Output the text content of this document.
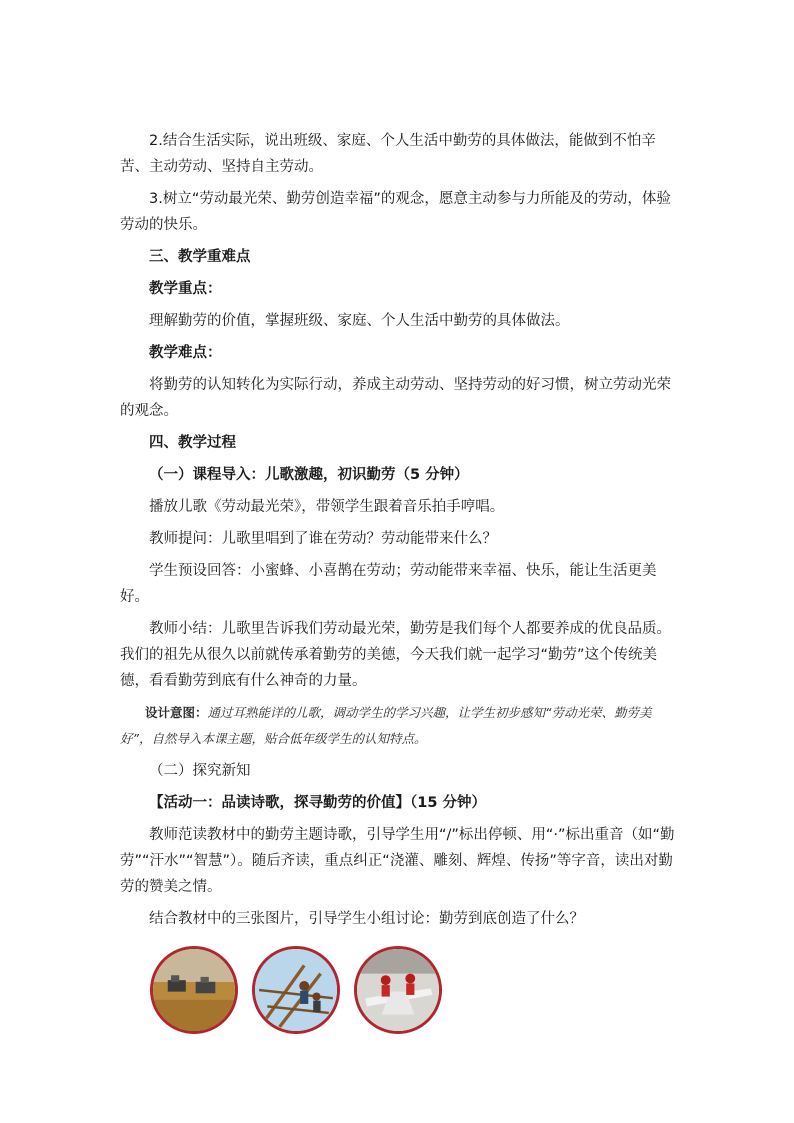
2.结合生活实际，说出班级、家庭、个人生活中勤劳的具体做法，能做到不怕辛苦、主动劳动、坚持自主劳动。

3.树立“劳动最光荣、勤劳创造幸福”的观念，愿意主动参与力所能及的劳动，体验劳动的快乐。

三、教学重难点

教学重点：

理解勤劳的价值，掌握班级、家庭、个人生活中勤劳的具体做法。

教学难点：

将勤劳的认知转化为实际行动，养成主动劳动、坚持劳动的好习惯，树立劳动光荣的观念。

四、教学过程

（一）课程导入：儿歌激趣，初识勤劳（5 分钟）

播放儿歌《劳动最光荣》，带领学生跟着音乐拍手哼唱。

教师提问：儿歌里唱到了谁在劳动？劳动能带来什么？

学生预设回答：小蜜蜂、小喜鹊在劳动；劳动能带来幸福、快乐，能让生活更美好。

教师小结：儿歌里告诉我们劳动最光荣，勤劳是我们每个人都要养成的优良品质。我们的祖先从很久以前就传承着勤劳的美德，今天我们就一起学习“勤劳”这个传统美德，看看勤劳到底有什么神奇的力量。

设计意图：通过耳熟能详的儿歌，调动学生的学习兴趣，让学生初步感知“劳动光荣、勤劳美好”，自然导入本课主题，贴合低年级学生的认知特点。

（二）探究新知

【活动一：品读诗歌，探寻勤劳的价值】（15 分钟）

教师范读教材中的勤劳主题诗歌，引导学生用“/”标出停顿、用“·”标出重音（如“勤劳”“汗水”“智慧”）。随后齐读，重点纠正“浇灌、雕刻、辉煌、传扬”等字音，读出对勤劳的赞美之情。

结合教材中的三张图片，引导学生小组讨论：勤劳到底创造了什么？
